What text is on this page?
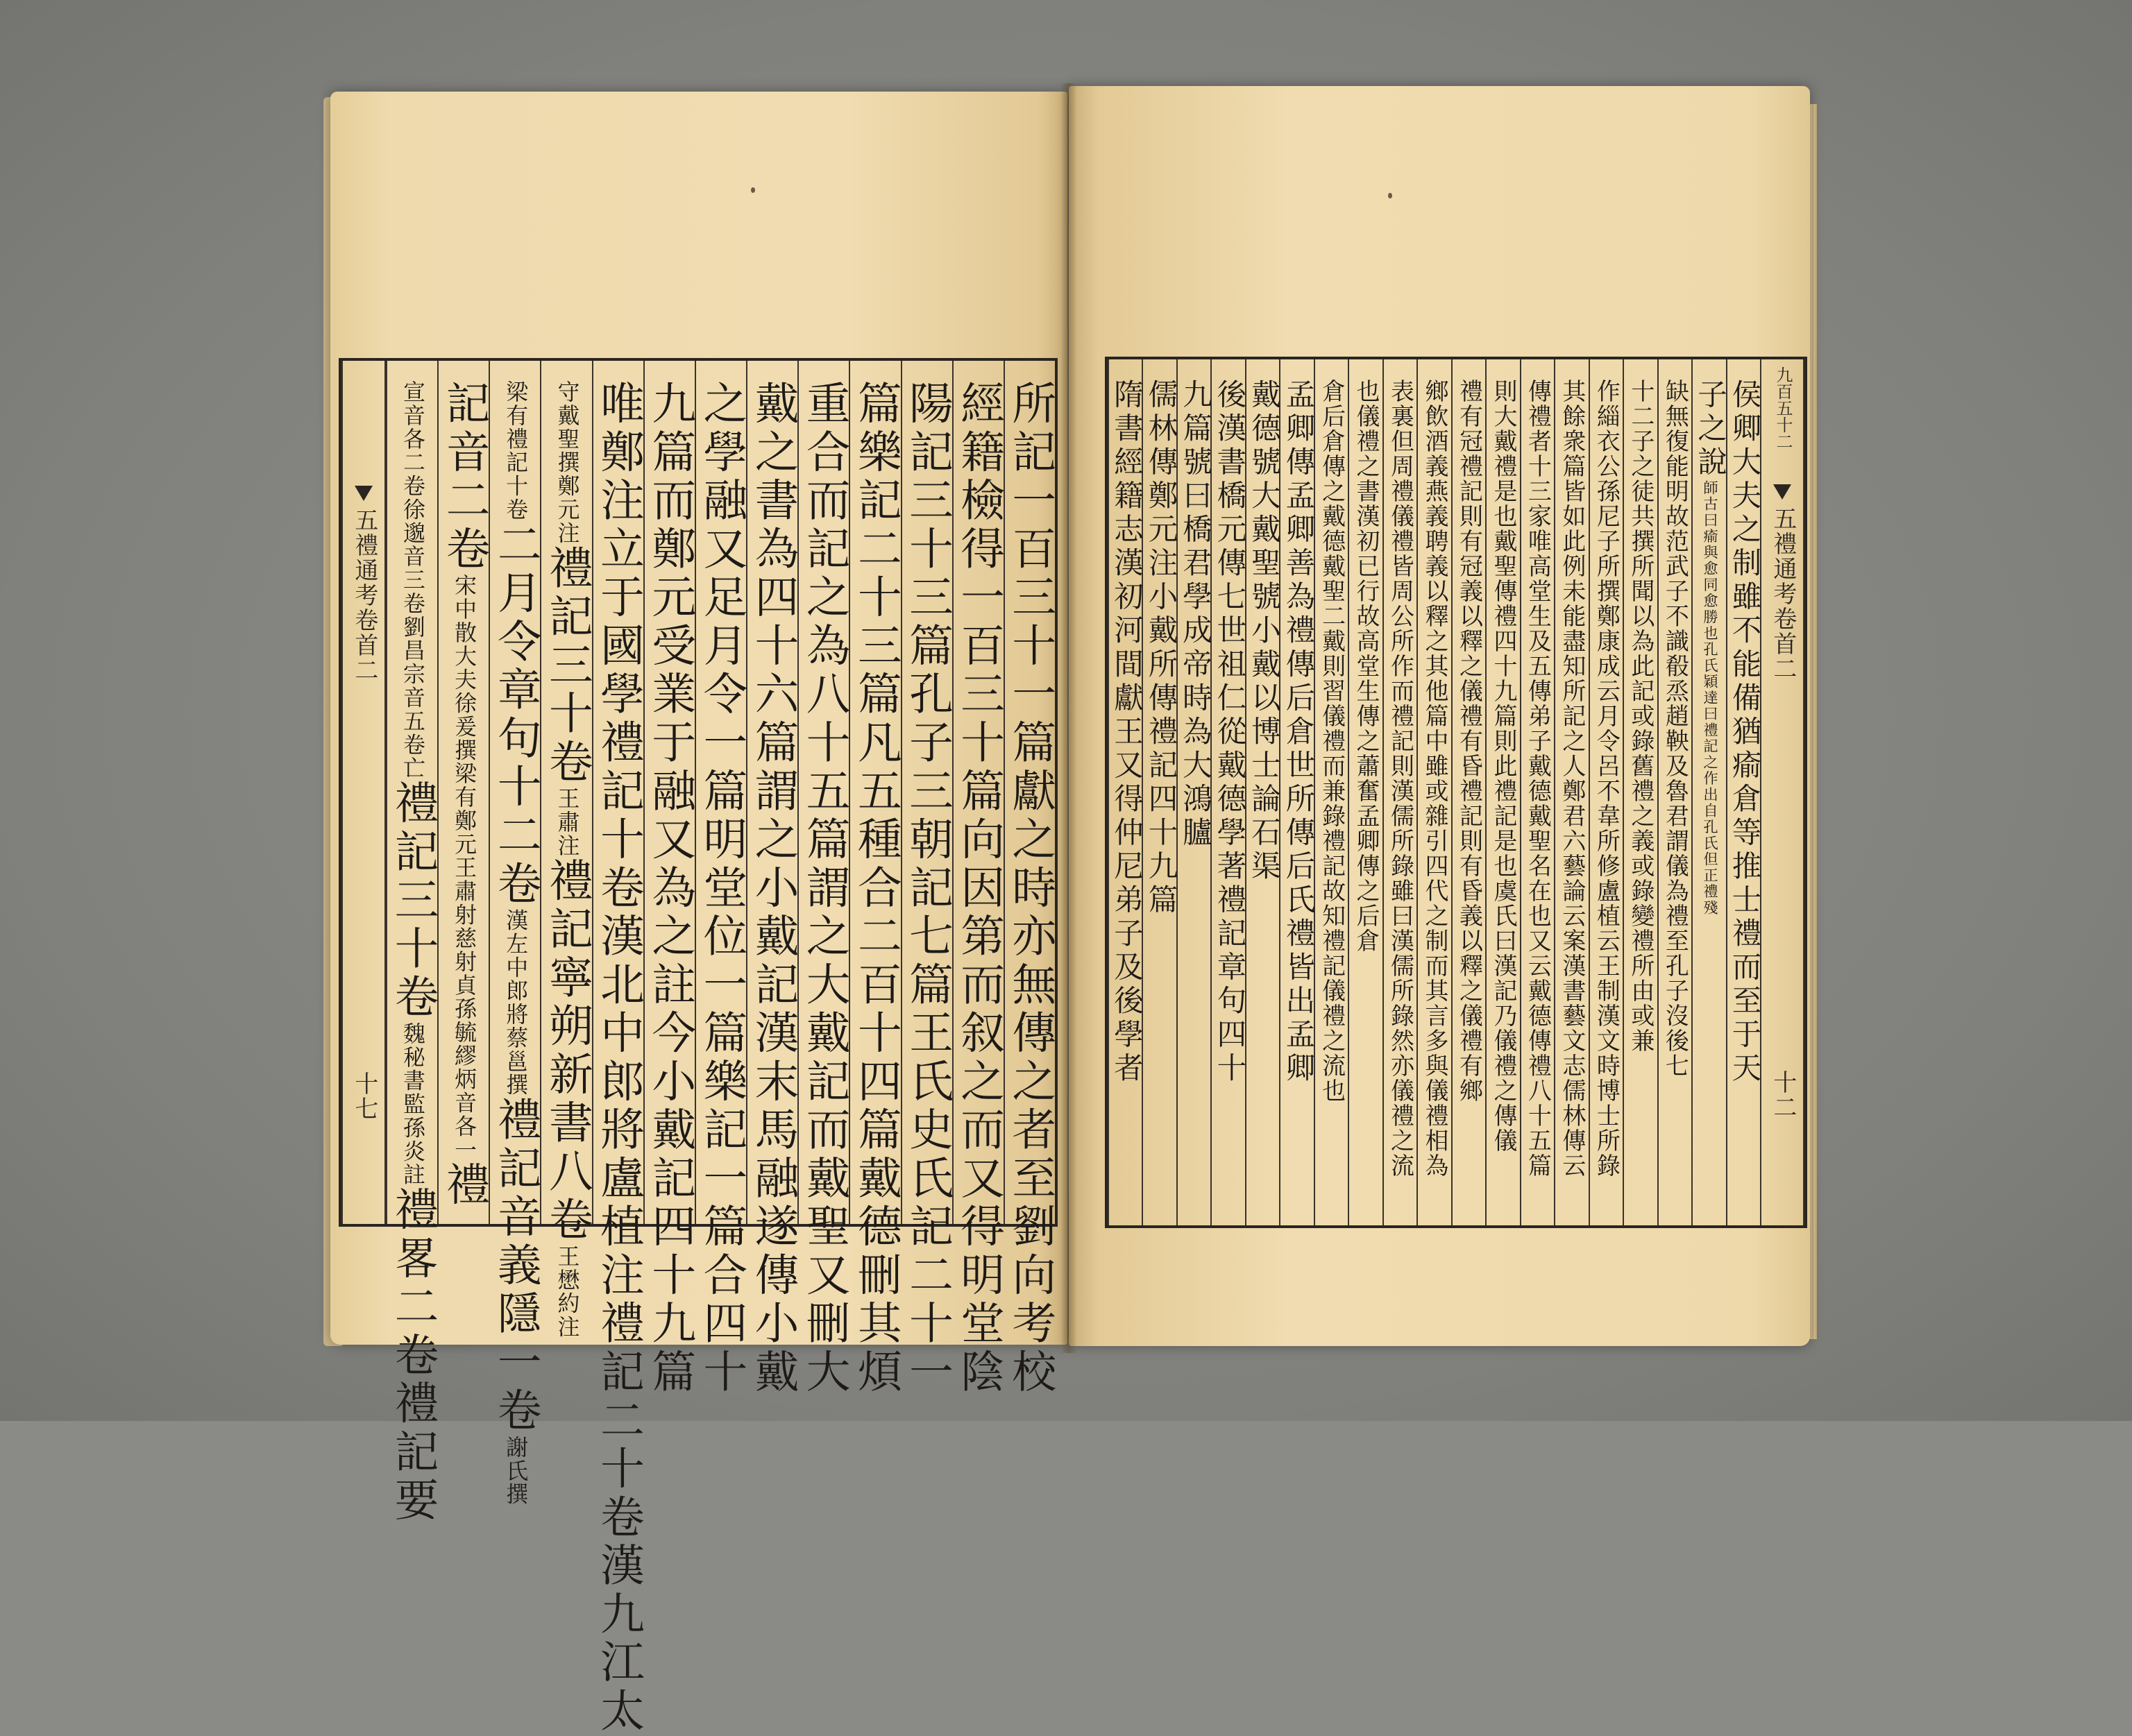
五禮通考卷首二
十七	所記一百三十一篇獻之時亦無傳之者至劉向考校
經籍檢得一百三十篇向因第而叙之而又得明堂陰
陽記三十三篇孔子三朝記七篇王氏史氏記二十一
篇樂記二十三篇凡五種合二百十四篇戴德刪其煩
重合而記之為八十五篇謂之大戴記而戴聖又刪大
戴之書為四十六篇謂之小戴記漢末馬融遂傳小戴
之學融又足月令一篇明堂位一篇樂記一篇合四十
九篇而鄭元受業于融又為之註今小戴記四十九篇
唯鄭注立于國學禮記十卷漢北中郎將盧植注禮記二十卷漢九江太
守戴聖撰鄭元注禮記三十卷王肅注禮記寧朔新書八卷王懋約注
梁有禮記十卷二月令章句十二卷漢左中郎將蔡邕撰禮記音義隱一卷謝氏撰
記音二卷宋中散大夫徐爰撰梁有鄭元王肅射慈射貞孫毓繆炳音各一禮
宣音各二卷徐邈音三卷劉昌宗音五卷亡禮記三十卷魏秘書監孫炎註禮畧二卷禮記要
五禮通考卷首二
十二
侯卿大夫之制雖不能備猶瘉倉等推士禮而至于天
子之說師古曰瘉與愈同愈勝也孔氏穎達曰禮記之作出自孔氏但正禮殘
缺無復能明故范武子不識殽烝趙鞅及魯君謂儀為禮至孔子沒後七
十二子之徒共撰所聞以為此記或錄舊禮之義或錄變禮所由或兼
作緇衣公孫尼子所撰鄭康成云月令呂不韋所修盧植云王制漢文時博士所錄
其餘衆篇皆如此例未能盡知所記之人鄭君六藝論云案漢書藝文志儒林傳云
傳禮者十三家唯高堂生及五傳弟子戴德戴聖名在也又云戴德傳禮八十五篇
則大戴禮是也戴聖傳禮四十九篇則此禮記是也虞氏曰漢記乃儀禮之傳儀
禮有冠禮記則有冠義以釋之儀禮有昏禮記則有昏義以釋之儀禮有鄉
鄉飲酒義燕義聘義以釋之其他篇中雖或雜引四代之制而其言多與儀禮相為
表裏但周禮儀禮皆周公所作而禮記則漢儒所錄雖曰漢儒所錄然亦儀禮之流
也儀禮之書漢初已行故高堂生傳之蕭奮孟卿傳之后倉
倉后倉傳之戴德戴聖二戴則習儀禮而兼錄禮記故知禮記儀禮之流也
孟卿傳孟卿善為禮傳后倉世所傳后氏禮皆出孟卿
戴德號大戴聖號小戴以博士論石渠
後漢書橋元傳七世祖仁從戴德學著禮記章句四十
九篇號曰橋君學成帝時為大鴻臚
儒林傳鄭元注小戴所傳禮記四十九篇
隋書經籍志漢初河間獻王又得仲尼弟子及後學者	九百五十二
